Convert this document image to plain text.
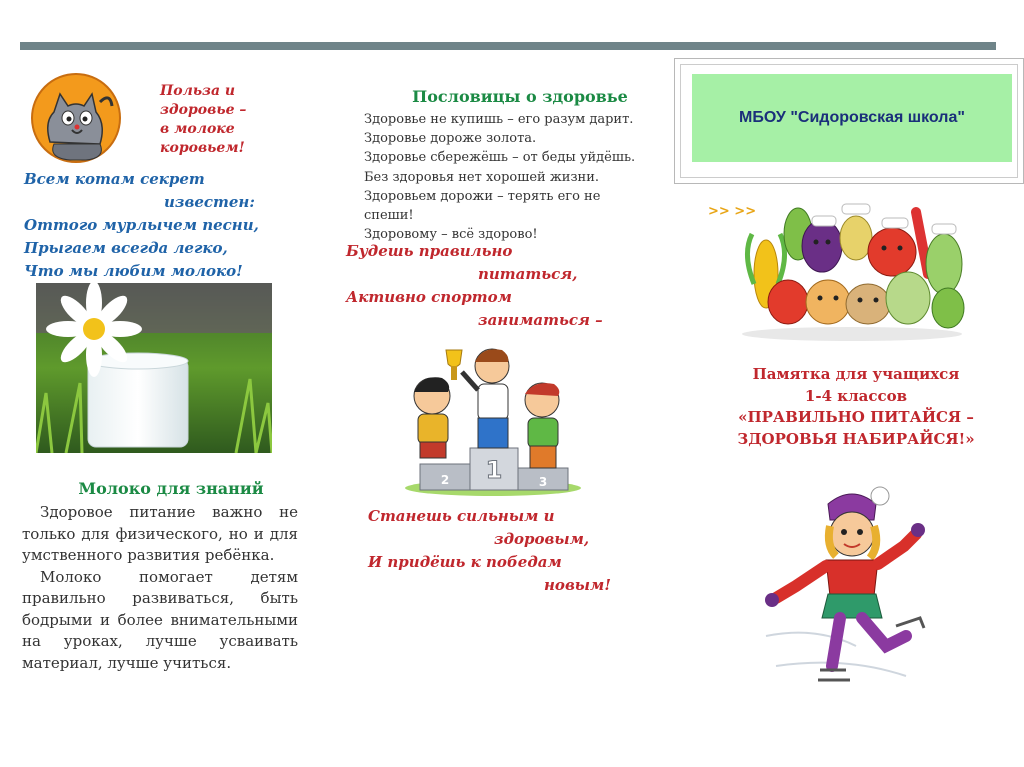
Польза и
здоровье –
в молоке
коровьем!
Всем котам секрет
известен:
Оттого мурлычем песни,
Прыгаем всегда легко,
Что мы любим молоко!
Молоко для знаний

Здоровое питание важно не только для физического, но и для умственного развития ребёнка.

Молоко помогает детям правильно развиваться, быть бодрыми и более внимательными на уроках, лучше усваивать материал, лучше учиться.

Пословицы о здоровье
Здоровье не купишь – его разум дарит.
Здоровье дороже золота.
Здоровье сбережёшь – от беды уйдёшь.
Без здоровья нет хорошей жизни.
Здоровьем дорожи – терять его не
спеши!
Здоровому – всё здорово!
Будешь правильно
питаться,
Активно спортом
заниматься –
2 1	3
Станешь сильным и
здоровым,
И придёшь к победам
новым!
МБОУ "Сидоровская школа"
>> >>
Памятка для учащихся
1-4 классов
«ПРАВИЛЬНО ПИТАЙСЯ –
ЗДОРОВЬЯ НАБИРАЙСЯ!»
